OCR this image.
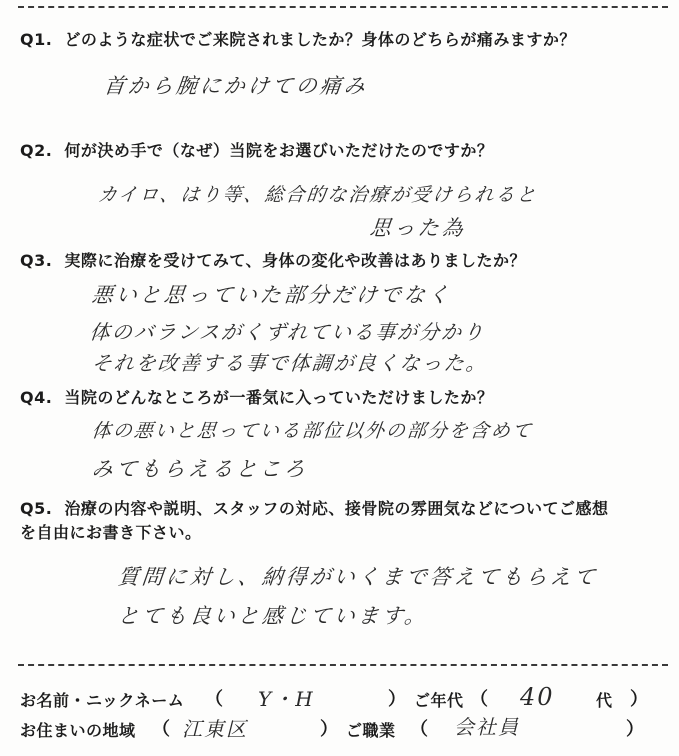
Q1. どのような症状でご来院されましたか？身体のどちらが痛みますか？
首から腕にかけての痛み
Q2. 何が決め手で（なぜ）当院をお選びいただけたのですか？
カイロ、はり等、総合的な治療が受けられると
思った為
Q3. 実際に治療を受けてみて、身体の変化や改善はありましたか？
悪いと思っていた部分だけでなく
体のバランスがくずれている事が分かり
それを改善する事で体調が良くなった。
Q4. 当院のどんなところが一番気に入っていただけましたか？
体の悪いと思っている部位以外の部分を含めて
みてもらえるところ
Q5. 治療の内容や説明、スタッフの対応、接骨院の雰囲気などについてご感想
を自由にお書き下さい。
質問に対し、納得がいくまで答えてもらえて
とても良いと感じています。
お名前・ニックネーム （ Y・H	） ご年代 （ 40	代 ）
お住まいの地域 （ 江東区	） ご職業 （ 会社員	）
